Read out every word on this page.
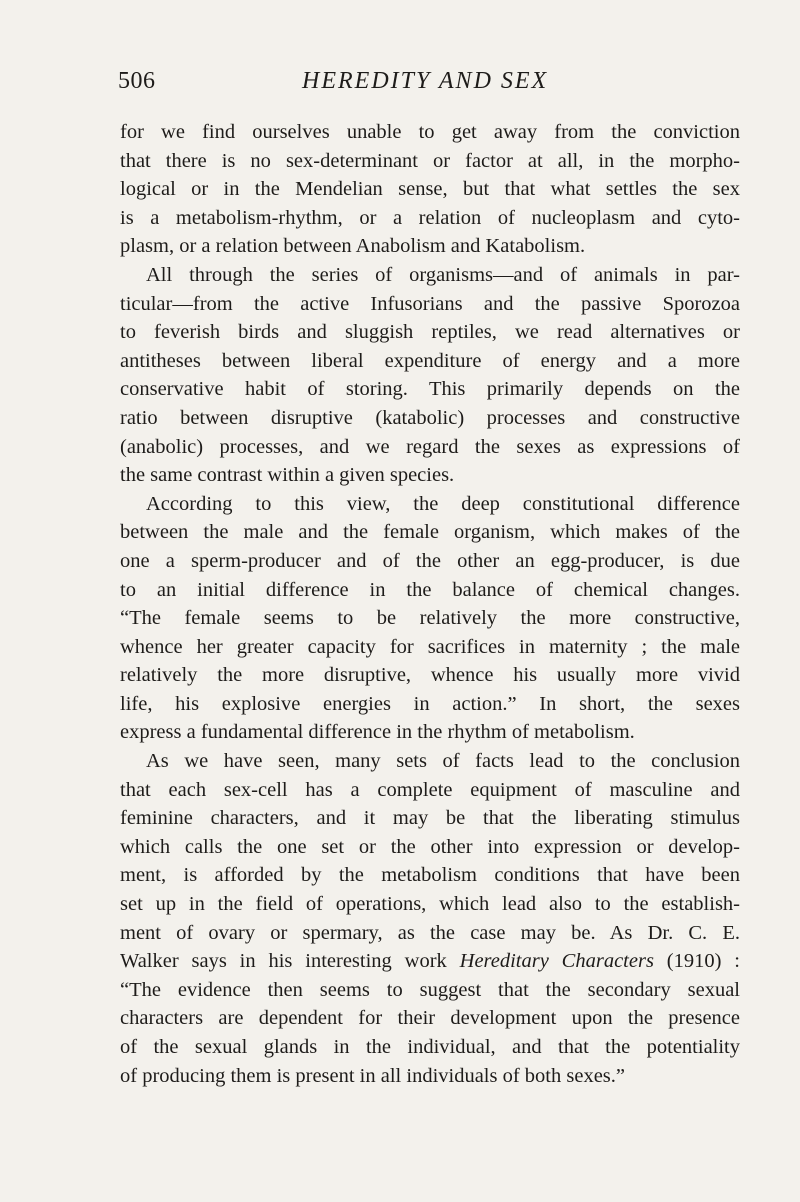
506	HEREDITY AND SEX
for we find ourselves unable to get away from the conviction
that there is no sex-determinant or factor at all, in the morpho-
logical or in the Mendelian sense, but that what settles the sex
is a metabolism-rhythm, or a relation of nucleoplasm and cyto-
plasm, or a relation between Anabolism and Katabolism.
All through the series of organisms—and of animals in par-
ticular—from the active Infusorians and the passive Sporozoa
to feverish birds and sluggish reptiles, we read alternatives or
antitheses between liberal expenditure of energy and a more
conservative habit of storing. This primarily depends on the
ratio between disruptive (katabolic) processes and constructive
(anabolic) processes, and we regard the sexes as expressions of
the same contrast within a given species.
According to this view, the deep constitutional difference
between the male and the female organism, which makes of the
one a sperm-producer and of the other an egg-producer, is due
to an initial difference in the balance of chemical changes.
“The female seems to be relatively the more constructive,
whence her greater capacity for sacrifices in maternity ; the male
relatively the more disruptive, whence his usually more vivid
life, his explosive energies in action.” In short, the sexes
express a fundamental difference in the rhythm of metabolism.
As we have seen, many sets of facts lead to the conclusion
that each sex-cell has a complete equipment of masculine and
feminine characters, and it may be that the liberating stimulus
which calls the one set or the other into expression or develop-
ment, is afforded by the metabolism conditions that have been
set up in the field of operations, which lead also to the establish-
ment of ovary or spermary, as the case may be. As Dr. C. E.
Walker says in his interesting work Hereditary Characters (1910) :
“The evidence then seems to suggest that the secondary sexual
characters are dependent for their development upon the presence
of the sexual glands in the individual, and that the potentiality
of producing them is present in all individuals of both sexes.”
